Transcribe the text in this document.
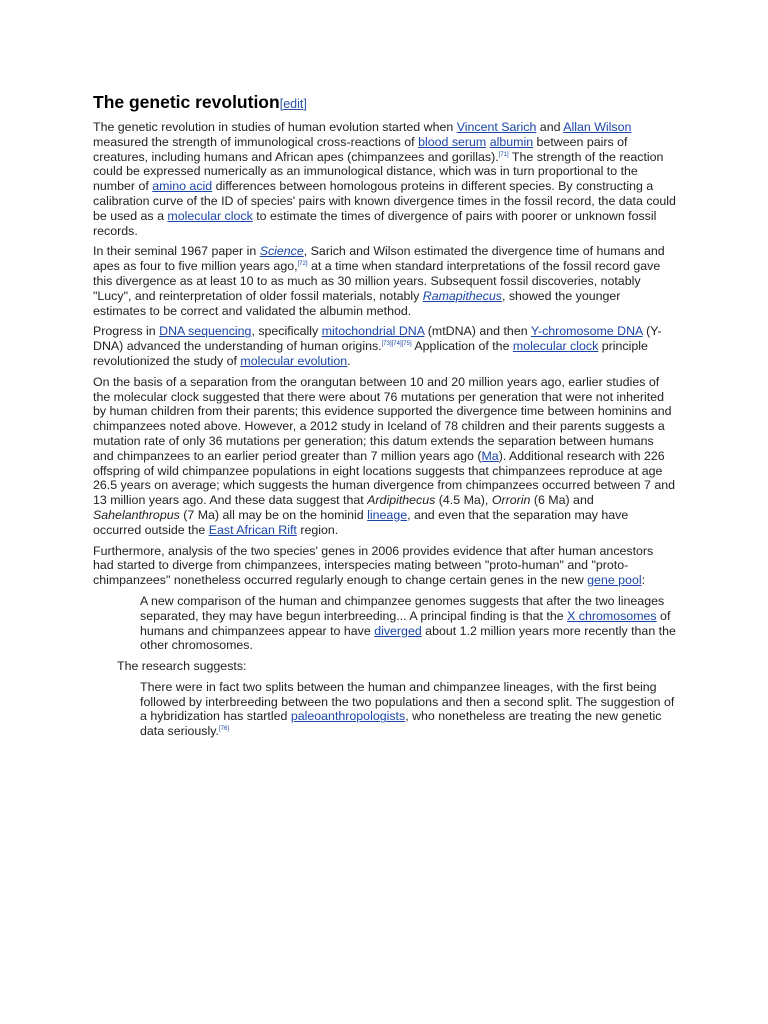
The genetic revolution[edit]

The genetic revolution in studies of human evolution started when Vincent Sarich and Allan Wilson measured the strength of immunological cross-reactions of blood serum albumin between pairs of creatures, including humans and African apes (chimpanzees and gorillas).[71] The strength of the reaction could be expressed numerically as an immunological distance, which was in turn proportional to the number of amino acid differences between homologous proteins in different species. By constructing a calibration curve of the ID of species' pairs with known divergence times in the fossil record, the data could be used as a molecular clock to estimate the times of divergence of pairs with poorer or unknown fossil records.

In their seminal 1967 paper in Science, Sarich and Wilson estimated the divergence time of humans and apes as four to five million years ago,[72] at a time when standard interpretations of the fossil record gave this divergence as at least 10 to as much as 30 million years. Subsequent fossil discoveries, notably "Lucy", and reinterpretation of older fossil materials, notably Ramapithecus, showed the younger estimates to be correct and validated the albumin method.

Progress in DNA sequencing, specifically mitochondrial DNA (mtDNA) and then Y-chromosome DNA (Y-DNA) advanced the understanding of human origins.[73][74][75] Application of the molecular clock principle revolutionized the study of molecular evolution.

On the basis of a separation from the orangutan between 10 and 20 million years ago, earlier studies of the molecular clock suggested that there were about 76 mutations per generation that were not inherited by human children from their parents; this evidence supported the divergence time between hominins and chimpanzees noted above. However, a 2012 study in Iceland of 78 children and their parents suggests a mutation rate of only 36 mutations per generation; this datum extends the separation between humans and chimpanzees to an earlier period greater than 7 million years ago (Ma). Additional research with 226 offspring of wild chimpanzee populations in eight locations suggests that chimpanzees reproduce at age 26.5 years on average; which suggests the human divergence from chimpanzees occurred between 7 and 13 million years ago. And these data suggest that Ardipithecus (4.5 Ma), Orrorin (6 Ma) and Sahelanthropus (7 Ma) all may be on the hominid lineage, and even that the separation may have occurred outside the East African Rift region.

Furthermore, analysis of the two species' genes in 2006 provides evidence that after human ancestors had started to diverge from chimpanzees, interspecies mating between "proto-human" and "proto-chimpanzees" nonetheless occurred regularly enough to change certain genes in the new gene pool:

A new comparison of the human and chimpanzee genomes suggests that after the two lineages separated, they may have begun interbreeding... A principal finding is that the X chromosomes of humans and chimpanzees appear to have diverged about 1.2 million years more recently than the other chromosomes.

The research suggests:

There were in fact two splits between the human and chimpanzee lineages, with the first being followed by interbreeding between the two populations and then a second split. The suggestion of a hybridization has startled paleoanthropologists, who nonetheless are treating the new genetic data seriously.[76]
